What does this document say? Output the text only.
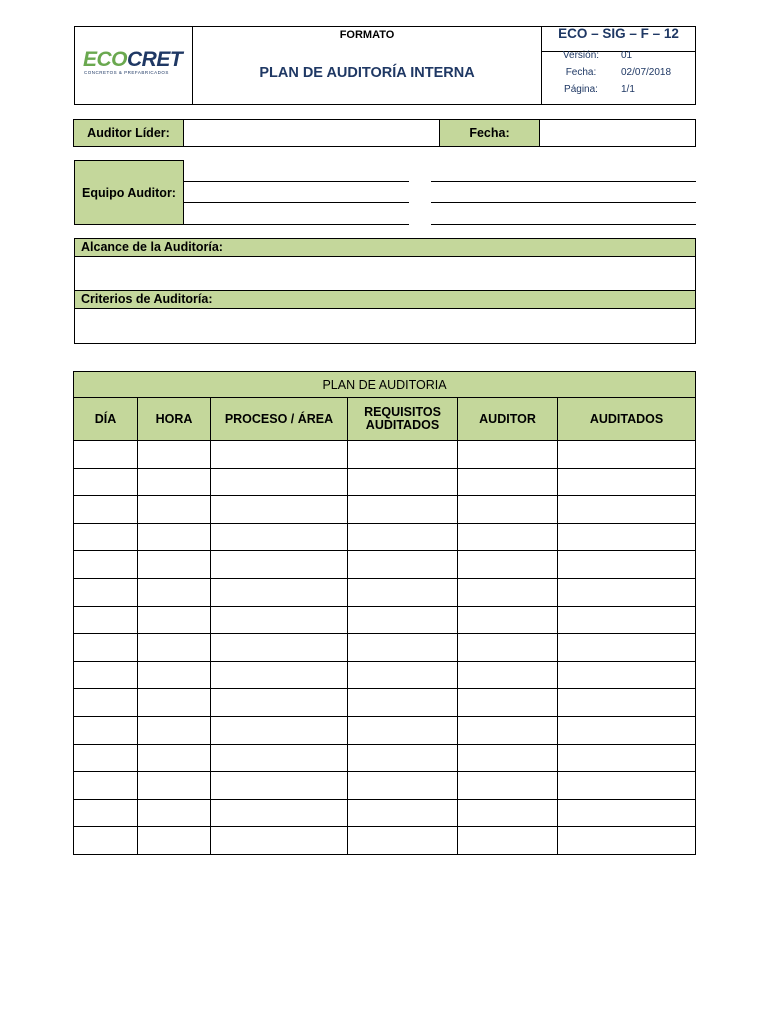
ECOCRET
CONCRETOS & PREFABRICADOS
FORMATO
PLAN DE AUDITORÍA INTERNA
ECO – SIG – F – 12
Versión:	01
Fecha:	02/07/2018
Página:	1/1
Auditor Líder:	Fecha:
Equipo Auditor:
Alcance de la Auditoría:
Criterios de Auditoría:
PLAN DE AUDITORIA					
DÍA	HORA	PROCESO / ÁREA	REQUISITOS AUDITADOS	AUDITOR	AUDITADOS
